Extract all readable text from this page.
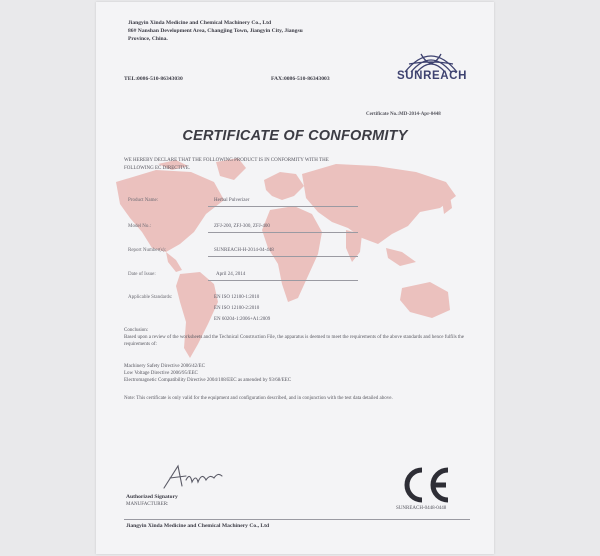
Jiangyin Xinda Medicine and Chemical Machinery Co., Ltd
86# Nanshan Development Area, Changjing Town, Jiangyin City, Jiangsu
Province, China.
TEL:0086-510-86343030	FAX:0086-510-86343003	SUNREACH
Certificate No.:MD-2014-Apr-0448
CERTIFICATE OF CONFORMITY
WE HEREBY DECLARE THAT THE FOLLOWING PRODUCT IS IN CONFORMITY WITH THE
FOLLOWING EC DIRECTIVE.
Product Name:	Herbal Pulverizer
Model No.:	ZFJ-200, ZFJ-300, ZFJ-400
Report Number(s):	SUNREACH-H-2014-04-448
Date of Issue:	April 24, 2014
Applicable Standards:	EN ISO 12100-1:2010
EN ISO 12100-2:2010
EN 60204-1:2006+A1:2009
Conclusion:
Based upon a review of the worksheets and the Technical Construction File, the apparatus is deemed to meet the requirements of the above standards and hence fulfils the requirements of:
Machinery Safety Directive 2006/42/EC
Low Voltage Directive 2006/95/EEC
Electromagnetic Compatibility Directive 2004/108/EEC as amended by 93/68/EEC
Note: This certificate is only valid for the equipment and configuration described, and in conjunction with the test data detailed above.
Authorized Signatory
MANUFACTURER:
Jiangyin Xinda Medicine and Chemical Machinery Co., Ltd
SUNREACH-0448-0448
